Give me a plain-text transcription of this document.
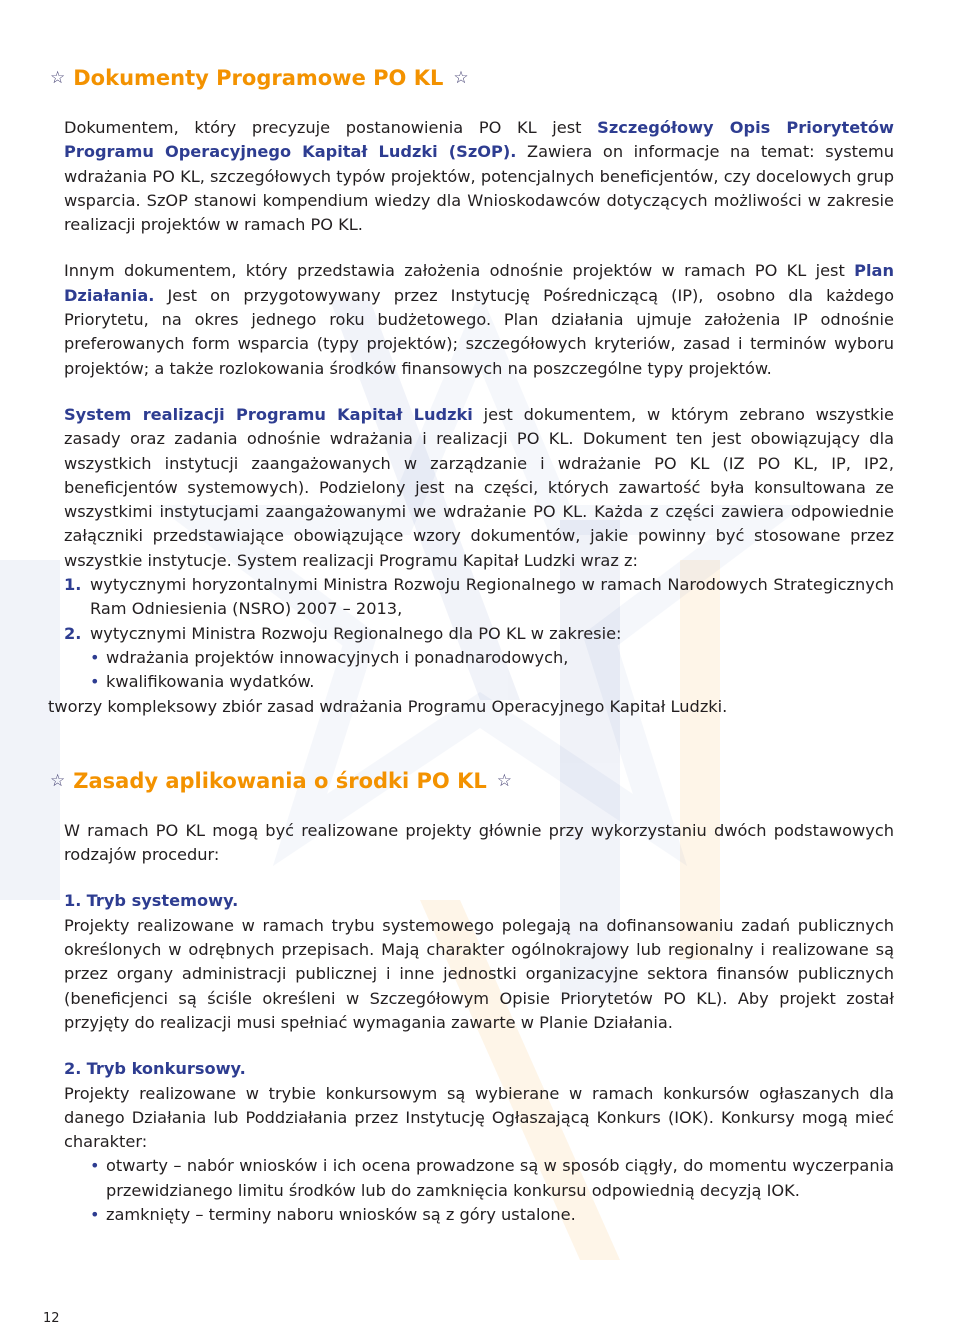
☆ Dokumenty Programowe PO KL ☆

Dokumentem, który precyzuje postanowienia PO KL jest Szczegółowy Opis Priorytetów Programu Operacyjnego Kapitał Ludzki (SzOP). Zawiera on informacje na temat: systemu wdrażania PO KL, szczegółowych typów projektów, potencjalnych beneficjentów, czy docelowych grup wsparcia. SzOP stanowi kompendium wiedzy dla Wnioskodawców dotyczących możliwości w zakresie realizacji projektów w ramach PO KL.

Innym dokumentem, który przedstawia założenia odnośnie projektów w ramach PO KL jest Plan Działania. Jest on przygotowywany przez Instytucję Pośredniczącą (IP), osobno dla każdego Priorytetu, na okres jednego roku budżetowego. Plan działania ujmuje założenia IP odnośnie preferowanych form wsparcia (typy projektów); szczegółowych kryteriów, zasad i terminów wyboru projektów; a także rozlokowania środków finansowych na poszczególne typy projektów.

System realizacji Programu Kapitał Ludzki jest dokumentem, w którym zebrano wszystkie zasady oraz zadania odnośnie wdrażania i realizacji PO KL. Dokument ten jest obowiązujący dla wszystkich instytucji zaangażowanych w zarządzanie i wdrażanie PO KL (IZ PO KL, IP, IP2, beneficjentów systemowych). Podzielony jest na części, których zawartość była konsultowana ze wszystkimi instytucjami zaangażowanymi we wdrażanie PO KL. Każda z części zawiera odpowiednie załączniki przedstawiające obowiązujące wzory dokumentów, jakie powinny być stosowane przez wszystkie instytucje. System realizacji Programu Kapitał Ludzki wraz z:

1. wytycznymi horyzontalnymi Ministra Rozwoju Regionalnego w ramach Narodowych Strategicznych Ram Odniesienia (NSRO) 2007 – 2013,
2. wytycznymi Ministra Rozwoju Regionalnego dla PO KL w zakresie:
• wdrażania projektów innowacyjnych i ponadnarodowych,
• kwalifikowania wydatków.

tworzy kompleksowy zbiór zasad wdrażania Programu Operacyjnego Kapitał Ludzki.

☆ Zasady aplikowania o środki PO KL ☆

W ramach PO KL mogą być realizowane projekty głównie przy wykorzystaniu dwóch podstawowych rodzajów procedur:

1. Tryb systemowy.

Projekty realizowane w ramach trybu systemowego polegają na dofinansowaniu zadań publicznych określonych w odrębnych przepisach. Mają charakter ogólnokrajowy lub regionalny i realizowane są przez organy administracji publicznej i inne jednostki organizacyjne sektora finansów publicznych (beneficjenci są ściśle określeni w Szczegółowym Opisie Priorytetów PO KL). Aby projekt został przyjęty do realizacji musi spełniać wymagania zawarte w Planie Działania.

2. Tryb konkursowy.

Projekty realizowane w trybie konkursowym są wybierane w ramach konkursów ogłaszanych dla danego Działania lub Poddziałania przez Instytucję Ogłaszającą Konkurs (IOK). Konkursy mogą mieć charakter:

• otwarty – nabór wniosków i ich ocena prowadzone są w sposób ciągły, do momentu wyczerpania przewidzianego limitu środków lub do zamknięcia konkursu odpowiednią decyzją IOK.
• zamknięty – terminy naboru wniosków są z góry ustalone.
12
